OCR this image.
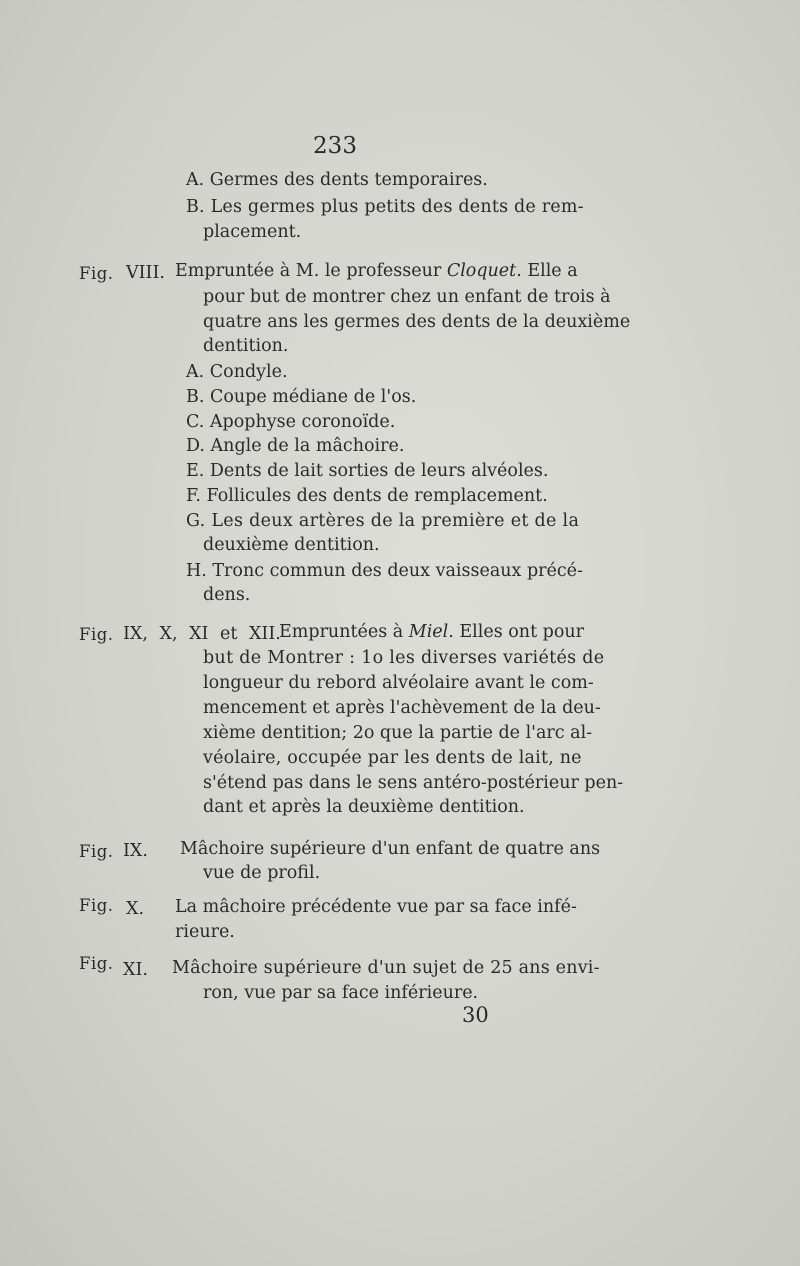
233
A. Germes des dents temporaires.
B. Les germes plus petits des dents de rem-
placement.
Fig. VIII. Empruntée à M. le professeur Cloquet. Elle a
pour but de montrer chez un enfant de trois à
quatre ans les germes des dents de la deuxième
dentition.
A. Condyle.
B. Coupe médiane de l'os.
C. Apophyse coronoïde.
D. Angle de la mâchoire.
E. Dents de lait sorties de leurs alvéoles.
F. Follicules des dents de remplacement.
G. Les deux artères de la première et de la
deuxième dentition.
H. Tronc commun des deux vaisseaux précé-
dens.
Fig. IX, X, XI et XII.
Empruntées à Miel. Elles ont pour
but de Montrer : 1o les diverses variétés de
longueur du rebord alvéolaire avant le com-
mencement et après l'achèvement de la deu-
xième dentition; 2o que la partie de l'arc al-
véolaire, occupée par les dents de lait, ne
s'étend pas dans le sens antéro-postérieur pen-
dant et après la deuxième dentition.
Fig. IX. Mâchoire supérieure d'un enfant de quatre ans
vue de profil.
Fig. X. La mâchoire précédente vue par sa face infé-
rieure.
Fig. XI. Mâchoire supérieure d'un sujet de 25 ans envi-
ron, vue par sa face inférieure.
30
